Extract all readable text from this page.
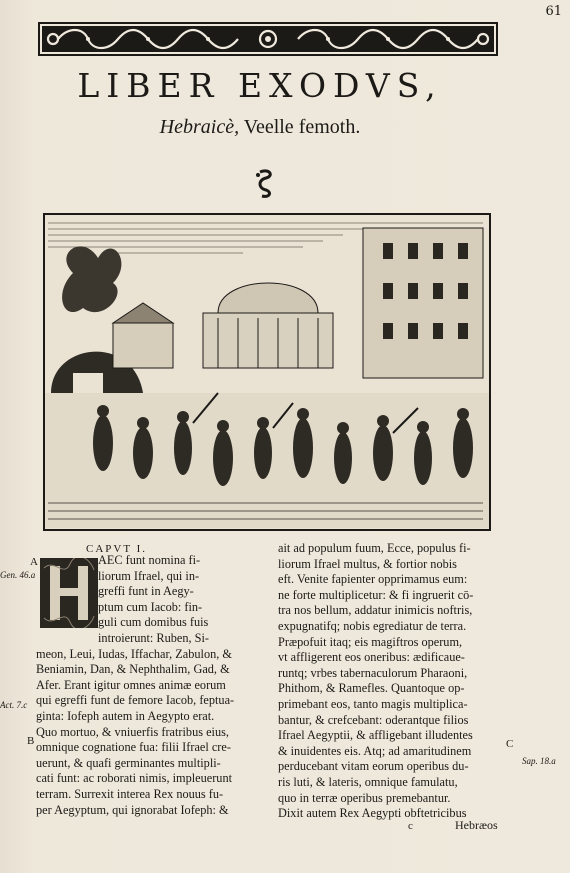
61
LIBER EXODVS,
Hebraicè, Veelle femoth.
CAPVT I.
A
Gen. 46.a
Act. 7.c
B	C
Sap. 18.a
AEC funt nomina fi-
liorum Ifrael, qui in-
greffi funt in Aegy-
ptum cum Iacob: fin-
guli cum domibus fuis
introierunt: Ruben, Si-
meon, Leui, Iudas, Iffachar, Zabulon, &
Beniamin, Dan, & Nephthalim, Gad, &
Afer. Erant igitur omnes animæ eorum
qui egreffi funt de femore Iacob, feptua-
ginta: Iofeph autem in Aegypto erat.
Quo mortuo, & vniuerfis fratribus eius,
omnique cognatione fua: filii Ifrael cre-
uerunt, & quafi germinantes multipli-
cati funt: ac roborati nimis, impleuerunt
terram. Surrexit interea Rex nouus fu-
per Aegyptum, qui ignorabat Iofeph: &
ait ad populum fuum, Ecce, populus fi-
liorum Ifrael multus, & fortior nobis
eft. Venite fapienter opprimamus eum:
ne forte multiplicetur: & fi ingruerit cō-
tra nos bellum, addatur inimicis noftris,
expugnatifq; nobis egrediatur de terra.
Præpofuit itaq; eis magiftros operum,
vt affligerent eos oneribus: ædificaue-
runtq; vrbes tabernaculorum Pharaoni,
Phithom, & Ramefles. Quantoque op-
primebant eos, tanto magis multiplica-
bantur, & crefcebant: oderantque filios
Ifrael Aegyptii, & affligebant illudentes
& inuidentes eis. Atq; ad amaritudinem
perducebant vitam eorum operibus du-
ris luti, & lateris, omnique famulatu,
quo in terræ operibus premebantur.
Dixit autem Rex Aegypti obftetricibus
c	Hebræos
